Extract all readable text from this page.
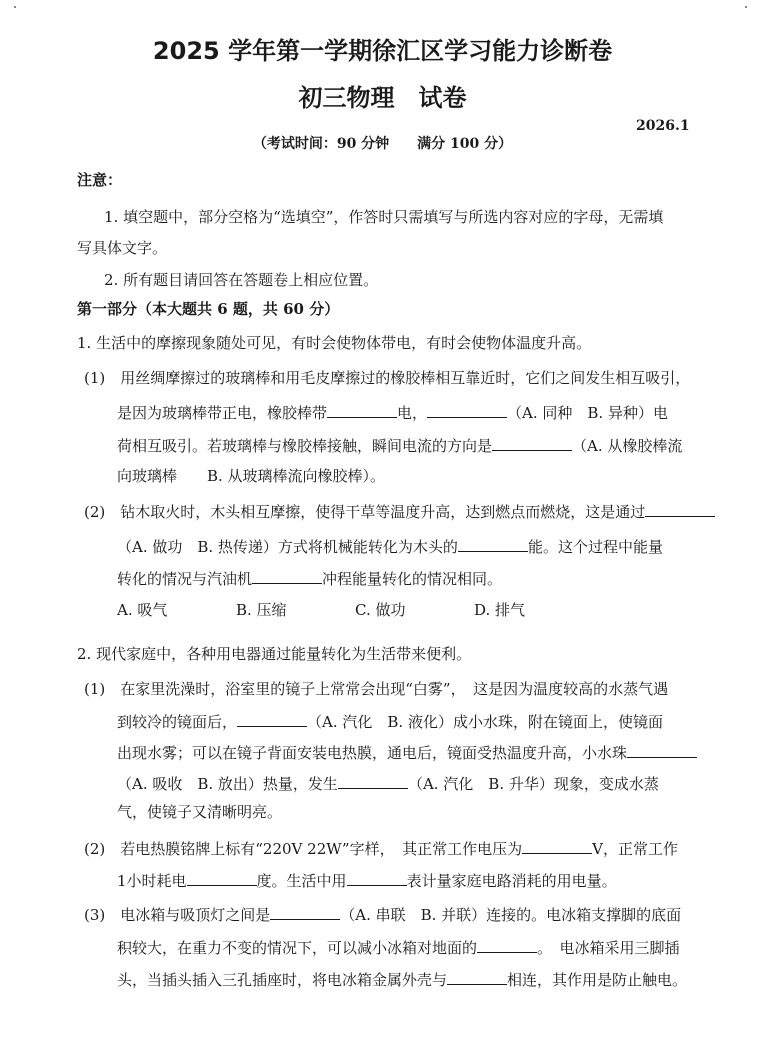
2025 学年第一学期徐汇区学习能力诊断卷
初三物理　试卷
2026.1
（考试时间：90 分钟　　满分 100 分）
注意：
1. 填空题中，部分空格为“选填空”，作答时只需填写与所选内容对应的字母，无需填
写具体文字。
2. 所有题目请回答在答题卷上相应位置。
第一部分（本大题共 6 题，共 60 分）
1. 生活中的摩擦现象随处可见，有时会使物体带电，有时会使物体温度升高。
(1)　用丝绸摩擦过的玻璃棒和用毛皮摩擦过的橡胶棒相互靠近时，它们之间发生相互吸引，
是因为玻璃棒带正电，橡胶棒带	电，	（A. 同种　B. 异种）电
荷相互吸引。若玻璃棒与橡胶棒接触，瞬间电流的方向是	（A. 从橡胶棒流
向玻璃棒　　B. 从玻璃棒流向橡胶棒）。
(2)　钻木取火时，木头相互摩擦，使得干草等温度升高，达到燃点而燃烧，这是通过
（A. 做功　B. 热传递）方式将机械能转化为木头的	能。这个过程中能量
转化的情况与汽油机	冲程能量转化的情况相同。
A. 吸气	B. 压缩	C. 做功	D. 排气
2. 现代家庭中，各种用电器通过能量转化为生活带来便利。
(1)　在家里洗澡时，浴室里的镜子上常常会出现“白雾”，　这是因为温度较高的水蒸气遇
到较冷的镜面后，	（A. 汽化　B. 液化）成小水珠，附在镜面上，使镜面
出现水雾；可以在镜子背面安装电热膜，通电后，镜面受热温度升高，小水珠
（A. 吸收　B. 放出）热量，发生	（A. 汽化　B. 升华）现象，变成水蒸
气，使镜子又清晰明亮。
(2)　若电热膜铭牌上标有“220V 22W”字样，　其正常工作电压为	V，正常工作
1小时耗电	度。生活中用	表计量家庭电路消耗的用电量。
(3)　电冰箱与吸顶灯之间是	（A. 串联　B. 并联）连接的。电冰箱支撑脚的底面
积较大，在重力不变的情况下，可以减小冰箱对地面的	。　电冰箱采用三脚插
头，当插头插入三孔插座时，将电冰箱金属外壳与	相连，其作用是防止触电。
